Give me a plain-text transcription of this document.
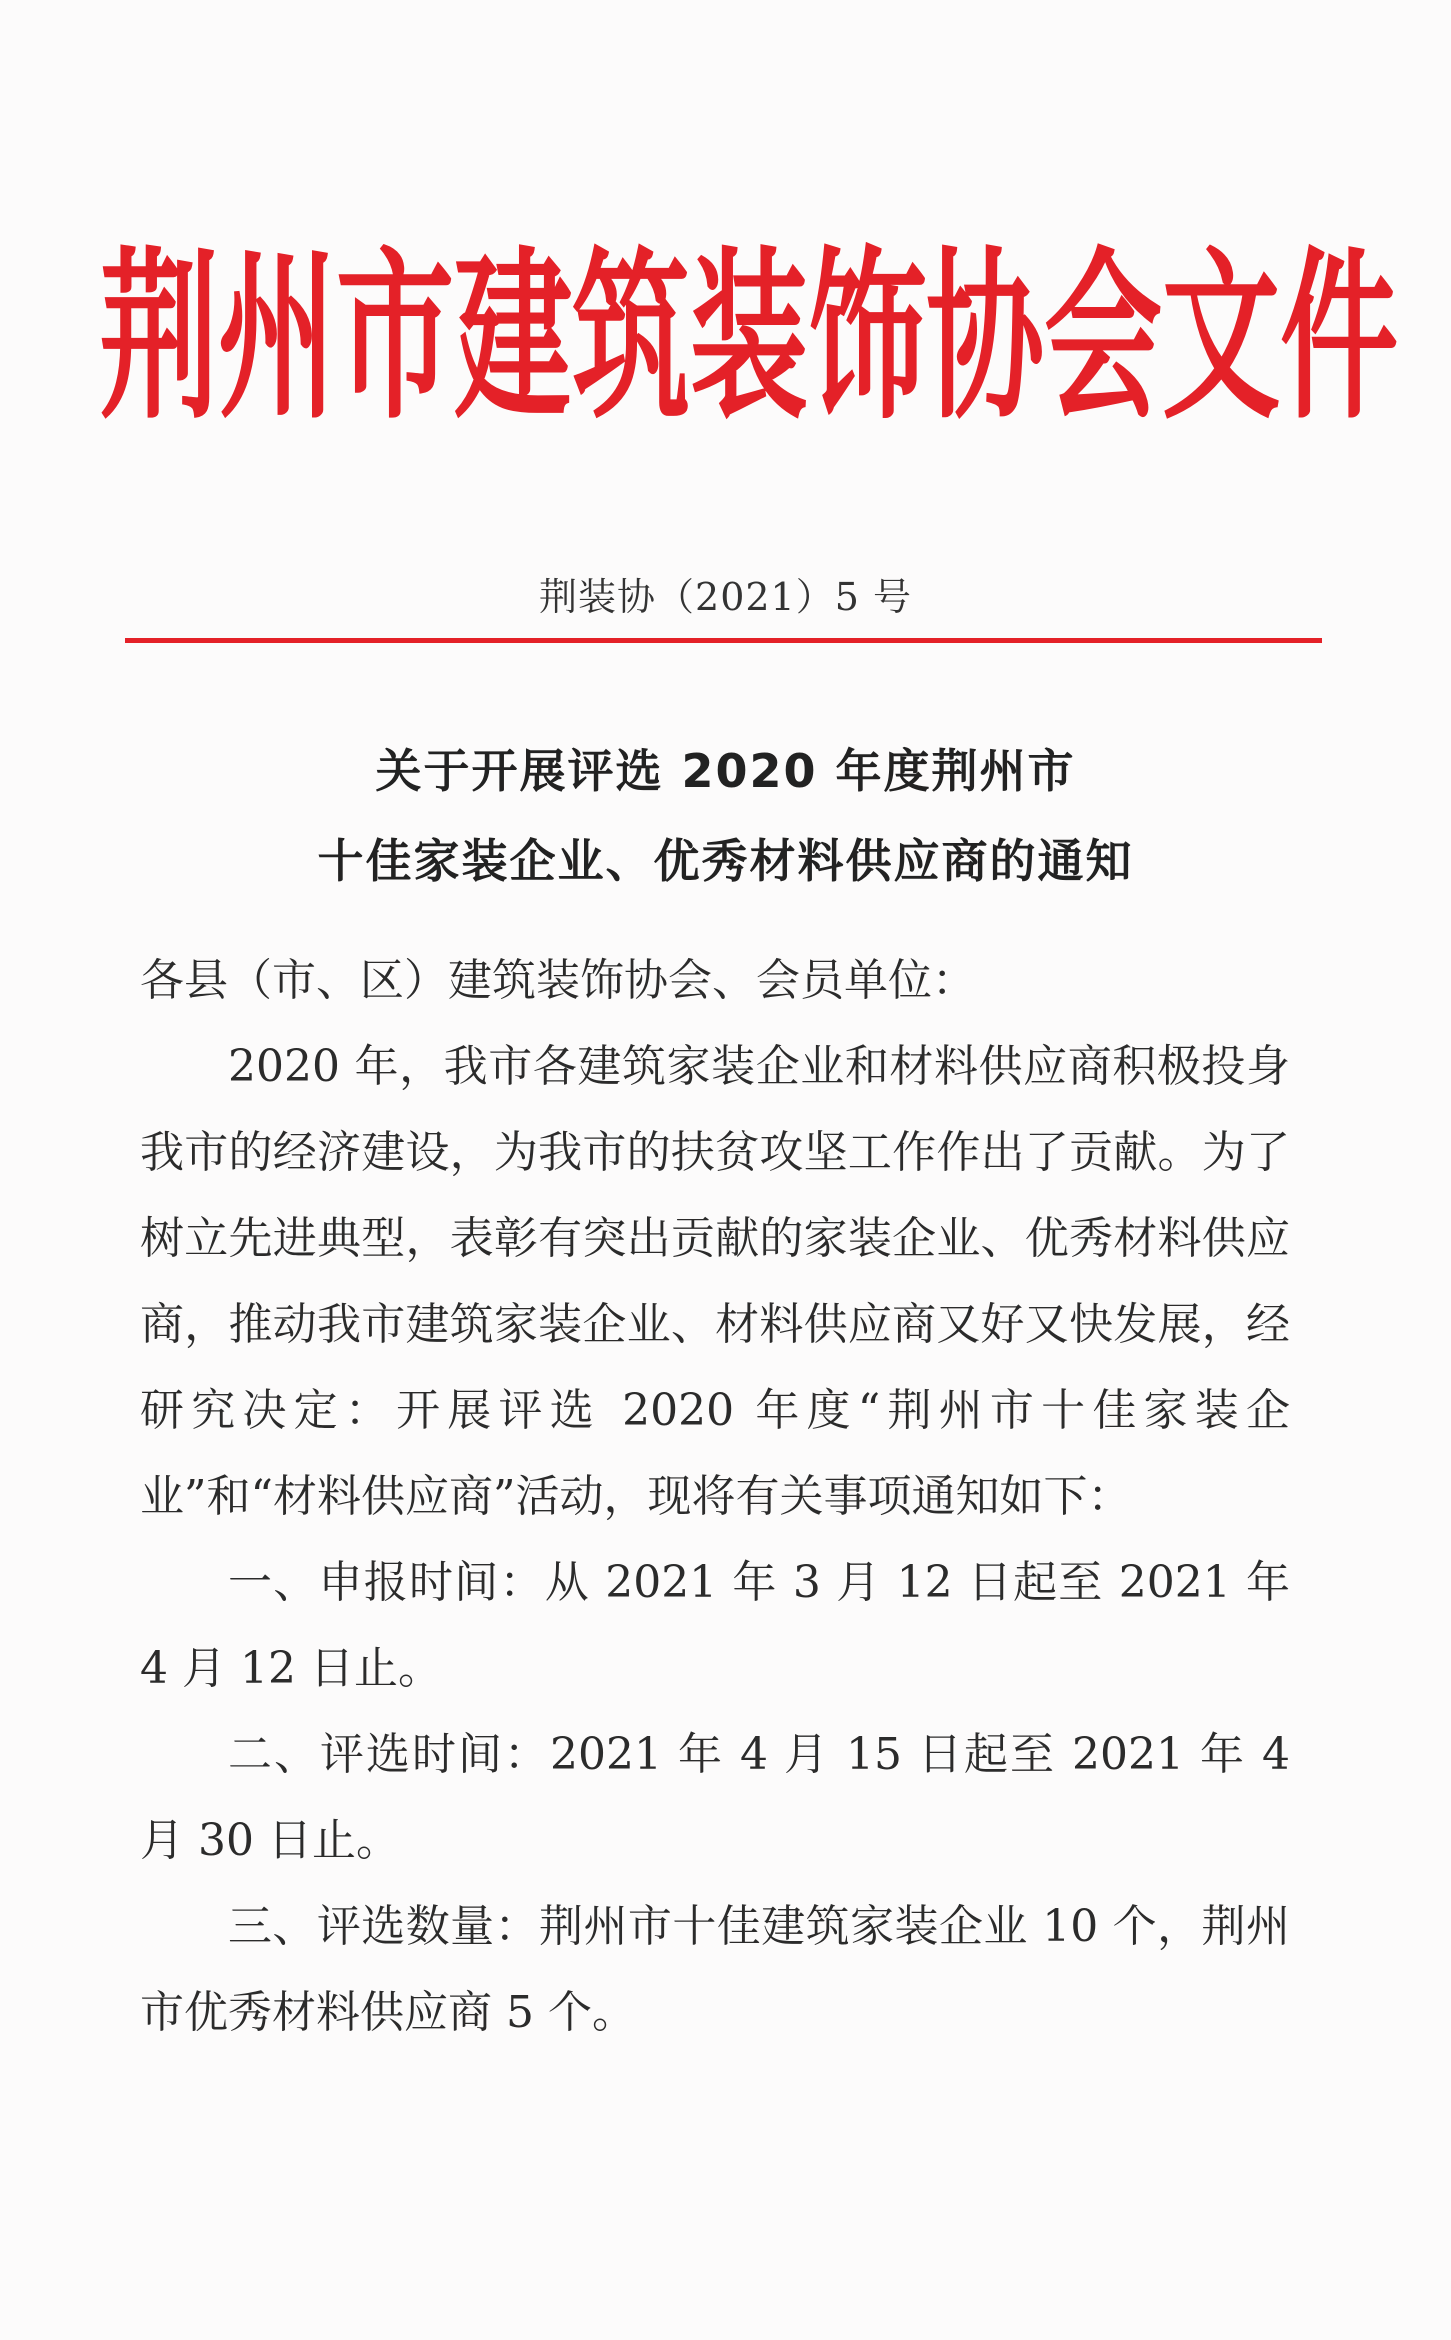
荆 州 市 建 筑 装 饰 协 会 文 件
荆装协（2021）5 号
关于开展评选 2020 年度荆州市
十佳家装企业、优秀材料供应商的通知
各县（市、区）建筑装饰协会、会员单位：

2020 年，我市各建筑家装企业和材料供应商积极投身我市的经济建设，为我市的扶贫攻坚工作作出了贡献。为了树立先进典型，表彰有突出贡献的家装企业、优秀材料供应商，推动我市建筑家装企业、材料供应商又好又快发展，经研究决定：开展评选 2020 年度“荆州市十佳家装企业”和“材料供应商”活动，现将有关事项通知如下：

一、申报时间：从 2021 年 3 月 12 日起至 2021 年 4 月 12 日止。

二、评选时间：2021 年 4 月 15 日起至 2021 年 4 月 30 日止。

三、评选数量：荆州市十佳建筑家装企业 10 个，荆州市优秀材料供应商 5 个。
